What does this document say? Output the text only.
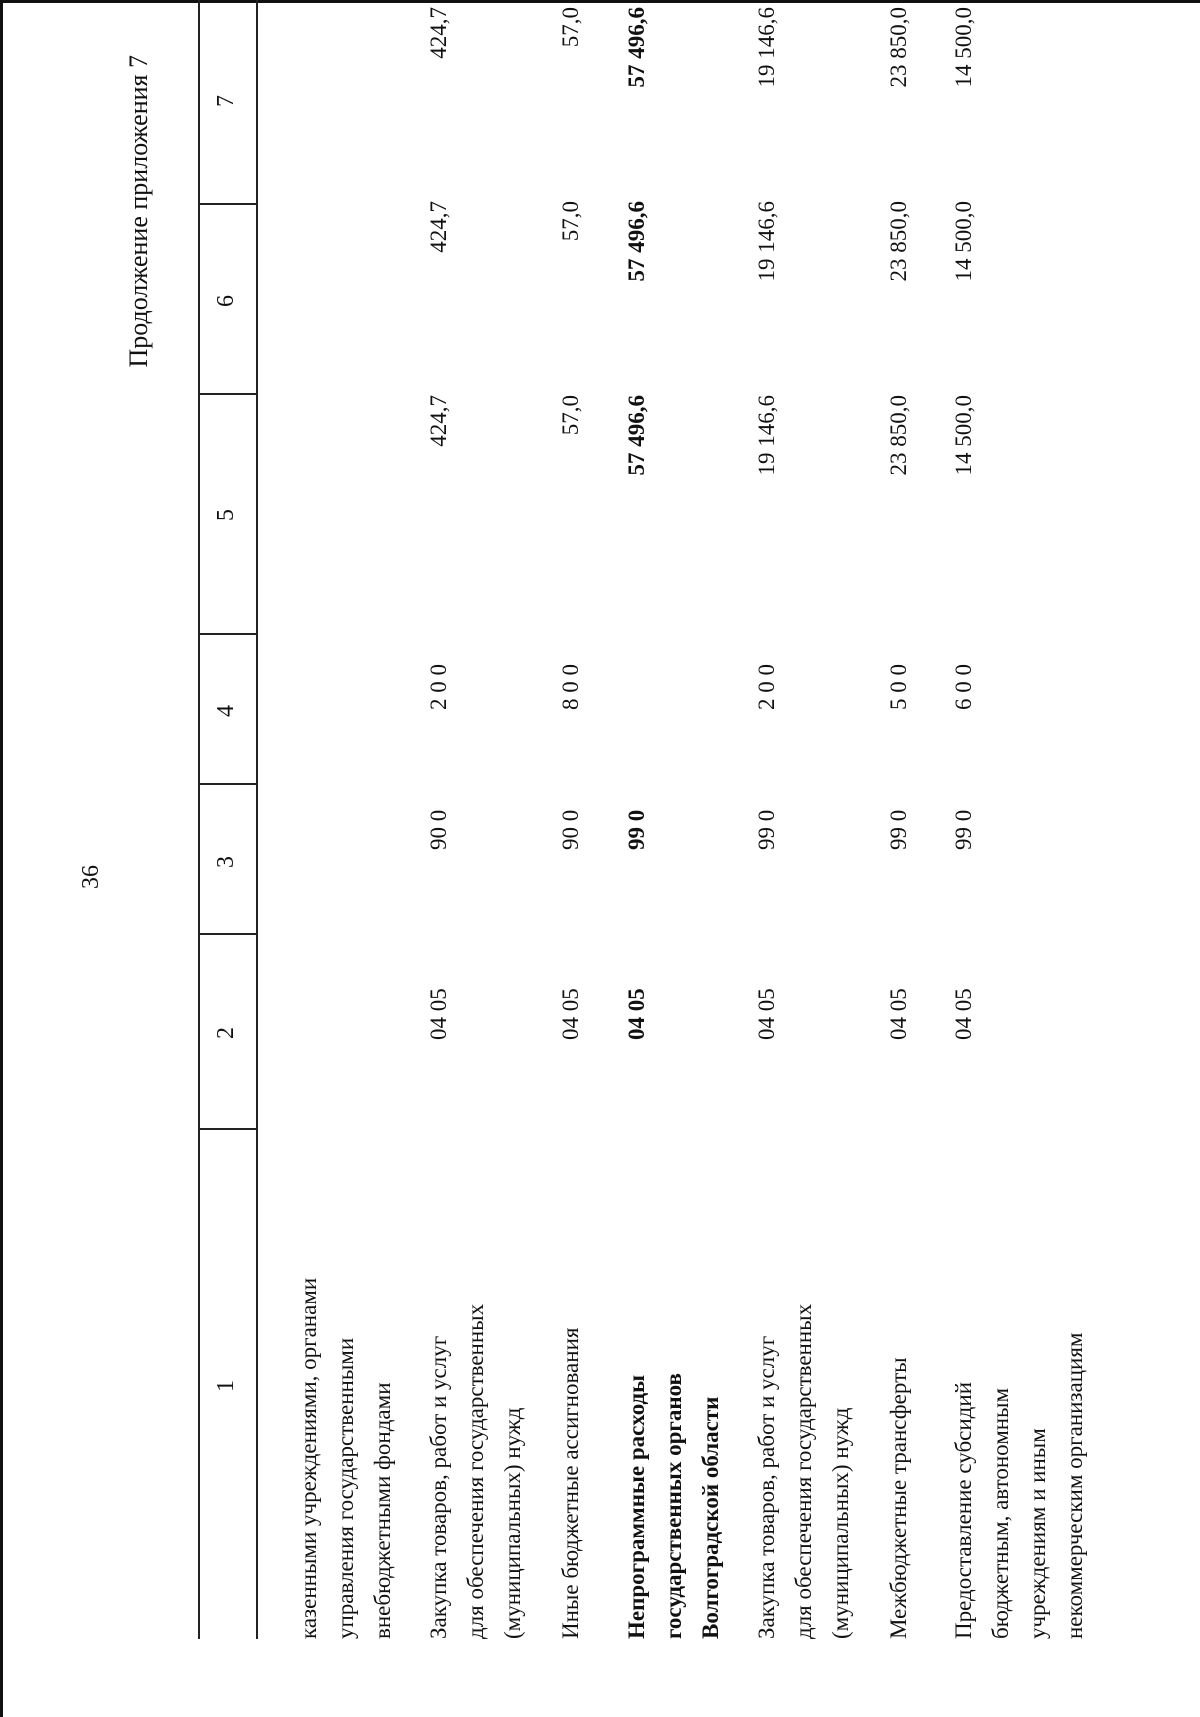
36
Продолжение приложения 7
1
2
3
4
5
6
7
казенными учреждениями, органами управления государственными внебюджетными фондами Закупка товаров, работ и услуг для обеспечения государственных (муниципальных) нужд
04 05
90 0
2 0 0
424,7
424,7
424,7
Иные бюджетные ассигнования
04 05
90 0
8 0 0
57,0
57,0
57,0
Непрограммные расходы государственных органов Волгоградской области
04 05
99 0
57 496,6
57 496,6
57 496,6
Закупка товаров, работ и услуг для обеспечения государственных (муниципальных) нужд
04 05
99 0
2 0 0
19 146,6
19 146,6
19 146,6
Межбюджетные трансферты
04 05
99 0
5 0 0
23 850,0
23 850,0
23 850,0
Предоставление субсидий бюджетным, автономным учреждениям и иным некоммерческим организациям
04 05
99 0
6 0 0
14 500,0
14 500,0
14 500,0
